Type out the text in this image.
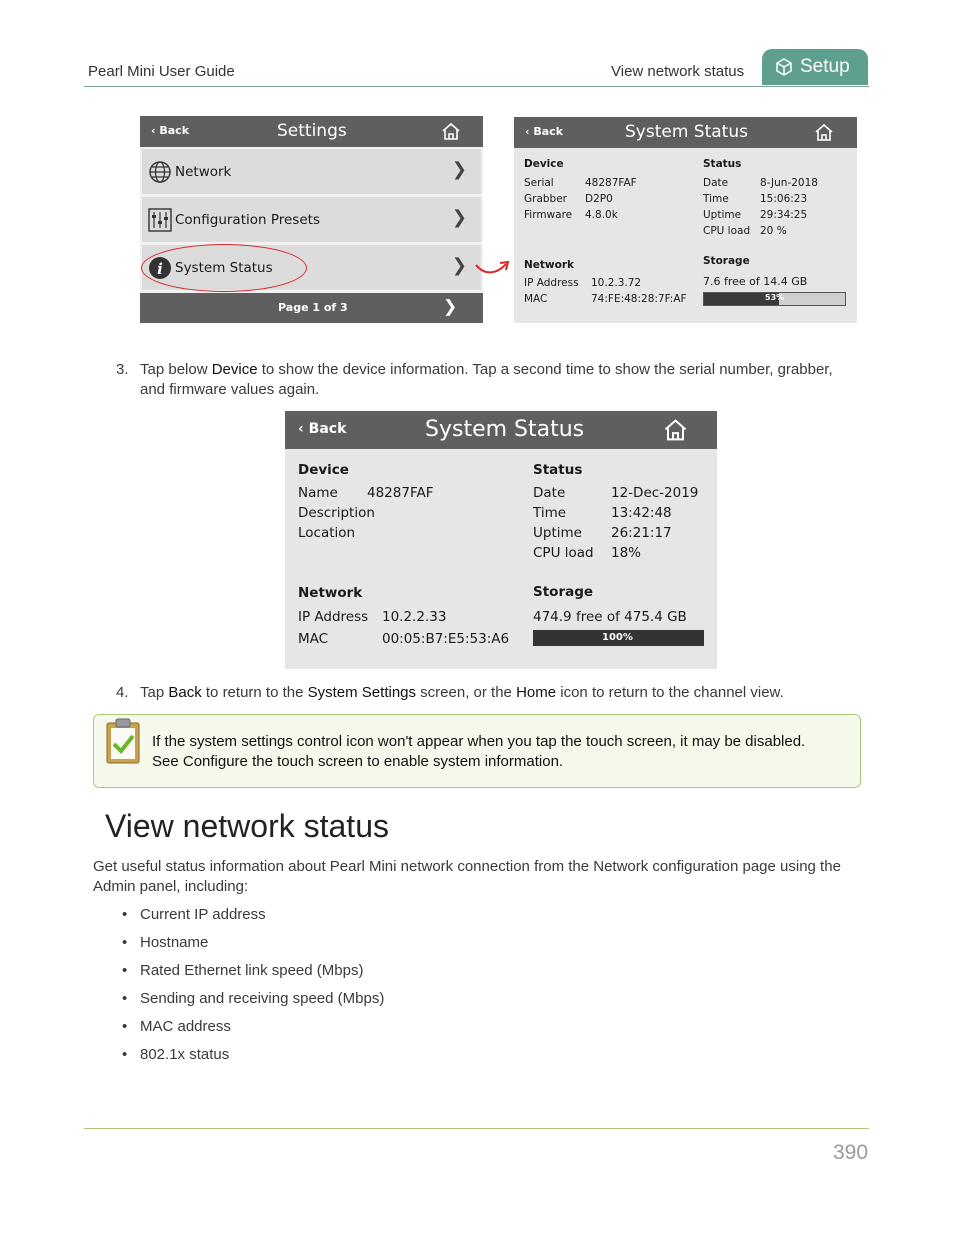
Pearl Mini User Guide	View network status	Setup
‹ Back	Settings
Network	❯
Configuration Presets	❯
i System Status	❯
Page 1 of 3	❯
‹ Back	System Status
Device
Serial	48287FAF
Grabber D2P0
Firmware 4.8.0k
Status
Date	8-Jun-2018
Time	15:06:23
Uptime 29:34:25
CPU load 20 %
Network
IP Address 10.2.3.72
MAC	74:FE:48:28:7F:AF
Storage
7.6 free of 14.4 GB
53%
3. Tap below Device to show the device information. Tap a second time to show the serial number, grabber,
and firmware values again.
‹ Back	System Status
Device
Name 48287FAF
Description
Location
Status
Date	12-Dec-2019
Time	13:42:48
Uptime 26:21:17
CPU load 18%
Network
IP Address 10.2.2.33
MAC	00:05:B7:E5:53:A6
Storage
474.9 free of 475.4 GB
100%
4. Tap Back to return to the System Settings screen, or the Home icon to return to the channel view.
If the system settings control icon won't appear when you tap the touch screen, it may be disabled.
See Configure the touch screen to enable system information.
View network status
Get useful status information about Pearl Mini network connection from the Network configuration page using the
Admin panel, including:
• Current IP address
• Hostname
• Rated Ethernet link speed (Mbps)
• Sending and receiving speed (Mbps)
• MAC address
• 802.1x status
390
